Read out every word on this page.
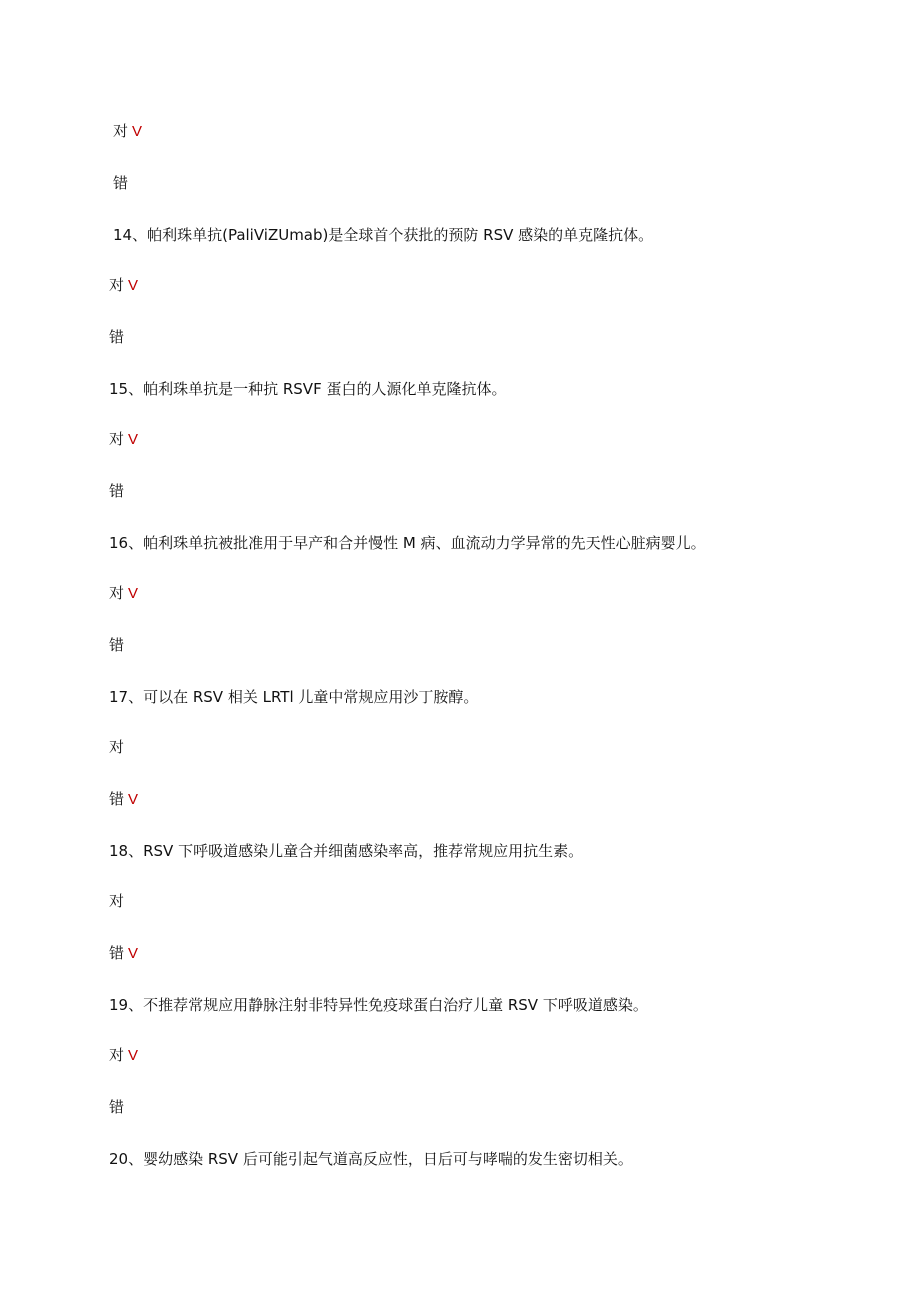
对 V
错
14、帕利珠单抗(PaliViZUmab)是全球首个获批的预防 RSV 感染的单克隆抗体。
对 V
错
15、帕利珠单抗是一种抗 RSVF 蛋白的人源化单克隆抗体。
对 V
错
16、帕利珠单抗被批准用于早产和合并慢性 M 病、血流动力学异常的先天性心脏病婴儿。
对 V
错
17、可以在 RSV 相关 LRTl 儿童中常规应用沙丁胺醇。
对
错 V
18、RSV 下呼吸道感染儿童合并细菌感染率高，推荐常规应用抗生素。
对
错 V
19、不推荐常规应用静脉注射非特异性免疫球蛋白治疗儿童 RSV 下呼吸道感染。
对 V
错
20、婴幼感染 RSV 后可能引起气道高反应性，日后可与哮喘的发生密切相关。
